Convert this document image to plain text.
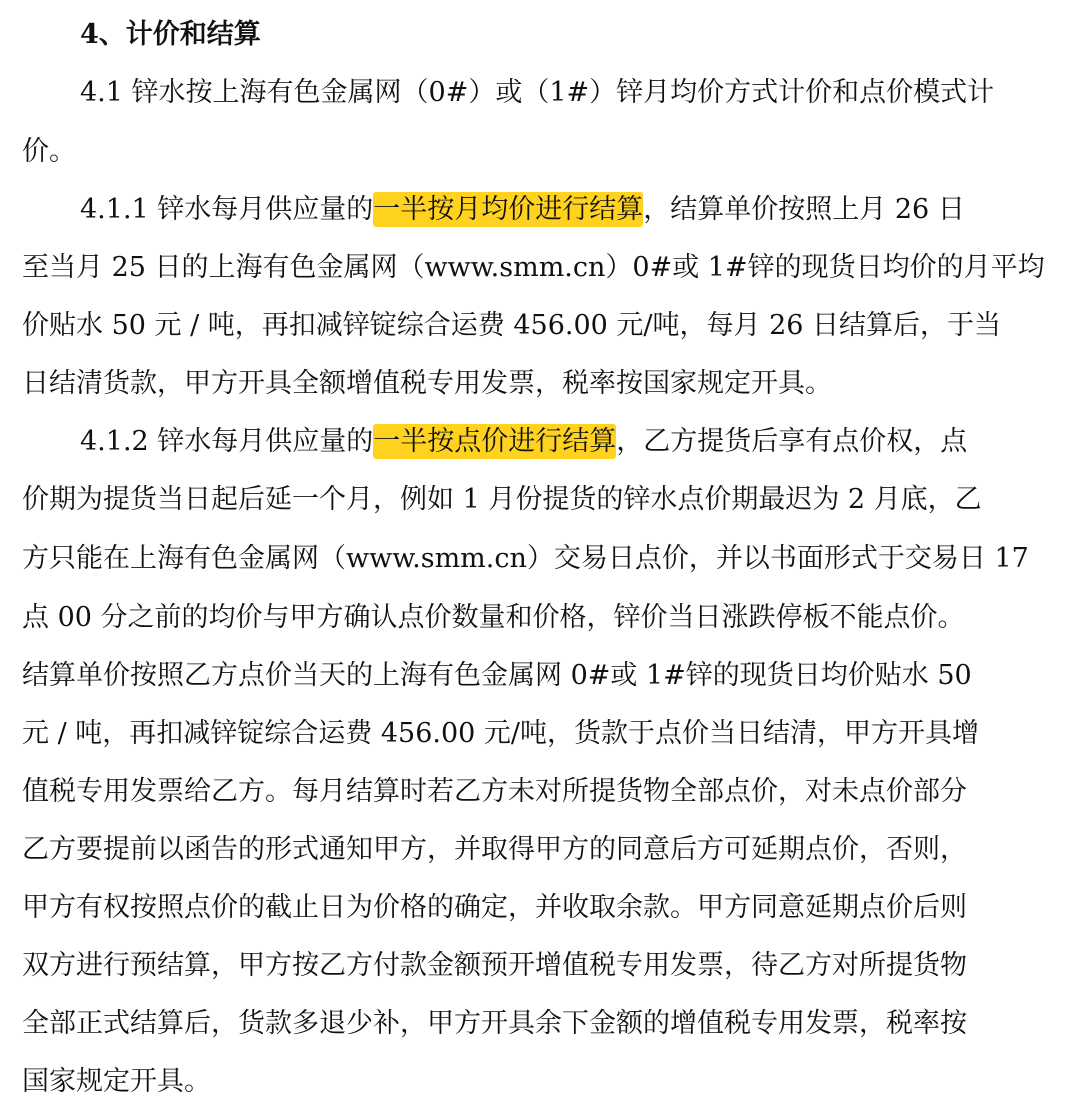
4、计价和结算
4.1 锌水按上海有色金属网（0#）或（1#）锌月均价方式计价和点价模式计
价。
4.1.1 锌水每月供应量的一半按月均价进行结算，结算单价按照上月 26 日
至当月 25 日的上海有色金属网（www.smm.cn）0#或 1#锌的现货日均价的月平均
价贴水 50 元 / 吨，再扣减锌锭综合运费 456.00 元/吨，每月 26 日结算后，于当
日结清货款，甲方开具全额增值税专用发票，税率按国家规定开具。
4.1.2 锌水每月供应量的一半按点价进行结算，乙方提货后享有点价权，点
价期为提货当日起后延一个月，例如 1 月份提货的锌水点价期最迟为 2 月底，乙
方只能在上海有色金属网（www.smm.cn）交易日点价，并以书面形式于交易日 17
点 00 分之前的均价与甲方确认点价数量和价格，锌价当日涨跌停板不能点价。
结算单价按照乙方点价当天的上海有色金属网 0#或 1#锌的现货日均价贴水 50
元 / 吨，再扣减锌锭综合运费 456.00 元/吨，货款于点价当日结清，甲方开具增
值税专用发票给乙方。每月结算时若乙方未对所提货物全部点价，对未点价部分
乙方要提前以函告的形式通知甲方，并取得甲方的同意后方可延期点价，否则，
甲方有权按照点价的截止日为价格的确定，并收取余款。甲方同意延期点价后则
双方进行预结算，甲方按乙方付款金额预开增值税专用发票，待乙方对所提货物
全部正式结算后，货款多退少补，甲方开具余下金额的增值税专用发票，税率按
国家规定开具。
